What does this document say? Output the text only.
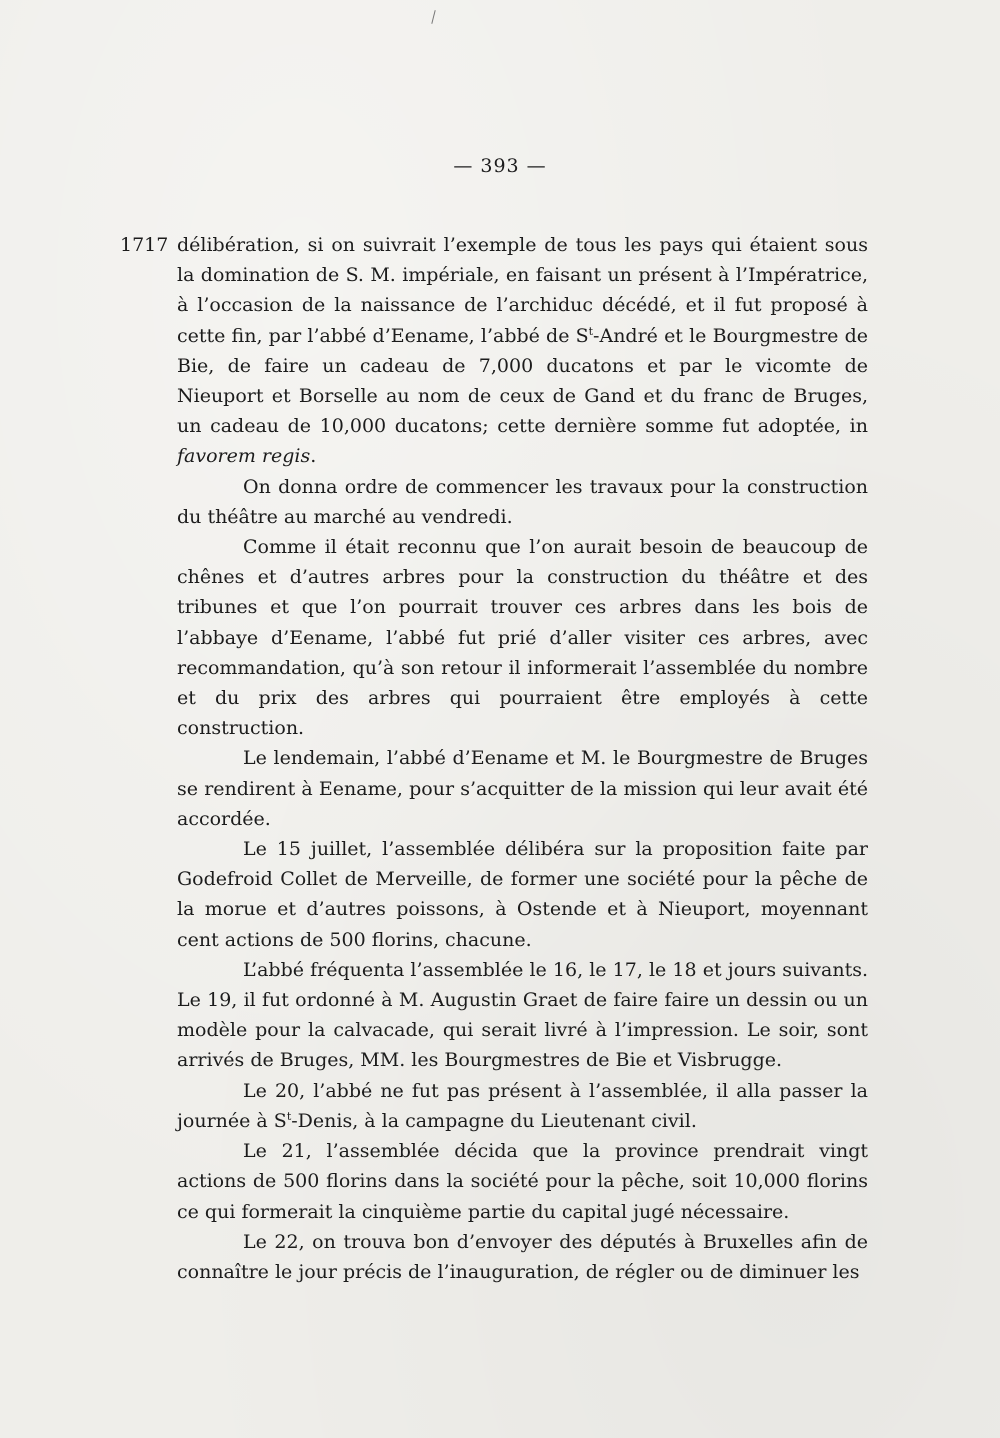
— 393 —
1717 délibération, si on suivrait l’exemple de tous les pays qui étaient sous la domination de S. M. impériale, en faisant un présent à l’Impératrice, à l’occasion de la naissance de l’archiduc décédé, et il fut proposé à cette fin, par l’abbé d’Eename, l’abbé de $S^t$-André et le Bourgmestre de Bie, de faire un cadeau de 7,000 ducatons et par le vicomte de Nieuport et Borselle au nom de ceux de Gand et du franc de Bruges, un cadeau de 10,000 ducatons; cette dernière somme fut adoptée, in favorem regis.

On donna ordre de commencer les travaux pour la construction du théâtre au marché au vendredi.

Comme il était reconnu que l’on aurait besoin de beaucoup de chênes et d’autres arbres pour la construction du théâtre et des tribunes et que l’on pourrait trouver ces arbres dans les bois de l’abbaye d’Eename, l’abbé fut prié d’aller visiter ces arbres, avec recommandation, qu’à son retour il informerait l’assemblée du nombre et du prix des arbres qui pourraient être employés à cette construction.

Le lendemain, l’abbé d’Eename et M. le Bourgmestre de Bruges se rendirent à Eename, pour s’acquitter de la mission qui leur avait été accordée.

Le 15 juillet, l’assemblée délibéra sur la proposition faite par Godefroid Collet de Merveille, de former une société pour la pêche de la morue et d’autres poissons, à Ostende et à Nieuport, moyennant cent actions de 500 florins, chacune.

L’abbé fréquenta l’assemblée le 16, le 17, le 18 et jours suivants. Le 19, il fut ordonné à M. Augustin Graet de faire faire un dessin ou un modèle pour la calvacade, qui serait livré à l’impression. Le soir, sont arrivés de Bruges, MM. les Bourgmestres de Bie et Visbrugge.

Le 20, l’abbé ne fut pas présent à l’assemblée, il alla passer la journée à $S^t$-Denis, à la campagne du Lieutenant civil.

Le 21, l’assemblée décida que la province prendrait vingt actions de 500 florins dans la société pour la pêche, soit 10,000 florins ce qui formerait la cinquième partie du capital jugé nécessaire.

Le 22, on trouva bon d’envoyer des députés à Bruxelles afin de connaître le jour précis de l’inauguration, de régler ou de diminuer les
